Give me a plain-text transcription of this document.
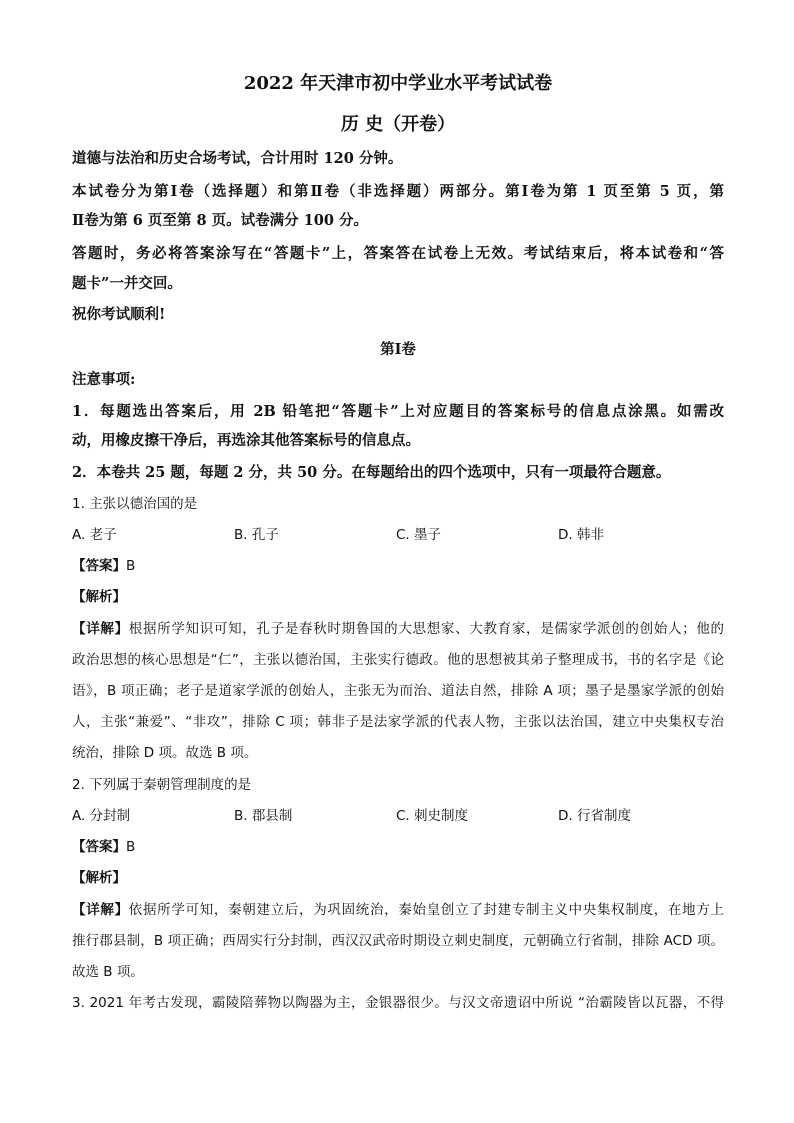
2022 年天津市初中学业水平考试试卷
历 史（开卷）
道德与法治和历史合场考试，合计用时 120 分钟。
本试卷分为第Ⅰ卷（选择题）和第Ⅱ卷（非选择题）两部分。第Ⅰ卷为第 1 页至第 5 页，第
Ⅱ卷为第 6 页至第 8 页。试卷满分 100 分。
答题时，务必将答案涂写在“答题卡”上，答案答在试卷上无效。考试结束后，将本试卷和“答
题卡”一并交回。
祝你考试顺利!
第Ⅰ卷
注意事项:
1．每题选出答案后，用 2B 铅笔把“答题卡”上对应题目的答案标号的信息点涂黑。如需改
动，用橡皮擦干净后，再选涂其他答案标号的信息点。
2．本卷共 25 题，每题 2 分，共 50 分。在每题给出的四个选项中，只有一项最符合题意。
1. 主张以德治国的是
A. 老子	B. 孔子	C. 墨子	D. 韩非
【答案】B
【解析】
【详解】根据所学知识可知，孔子是春秋时期鲁国的大思想家、大教育家，是儒家学派创的创始人；他的
政治思想的核心思想是“仁”，主张以德治国，主张实行德政。他的思想被其弟子整理成书，书的名字是《论
语》，B 项正确；老子是道家学派的创始人，主张无为而治、道法自然，排除 A 项；墨子是墨家学派的创始
人，主张“兼爱”、“非攻”，排除 C 项；韩非子是法家学派的代表人物，主张以法治国，建立中央集权专治
统治，排除 D 项。故选 B 项。
2. 下列属于秦朝管理制度的是
A. 分封制	B. 郡县制	C. 刺史制度	D. 行省制度
【答案】B
【解析】
【详解】依据所学可知，秦朝建立后，为巩固统治，秦始皇创立了封建专制主义中央集权制度，在地方上
推行郡县制，B 项正确；西周实行分封制，西汉汉武帝时期设立刺史制度，元朝确立行省制，排除 ACD 项。
故选 B 项。
3. 2021 年考古发现，霸陵陪葬物以陶器为主，金银器很少。与汉文帝遗诏中所说 “治霸陵皆以瓦器，不得
